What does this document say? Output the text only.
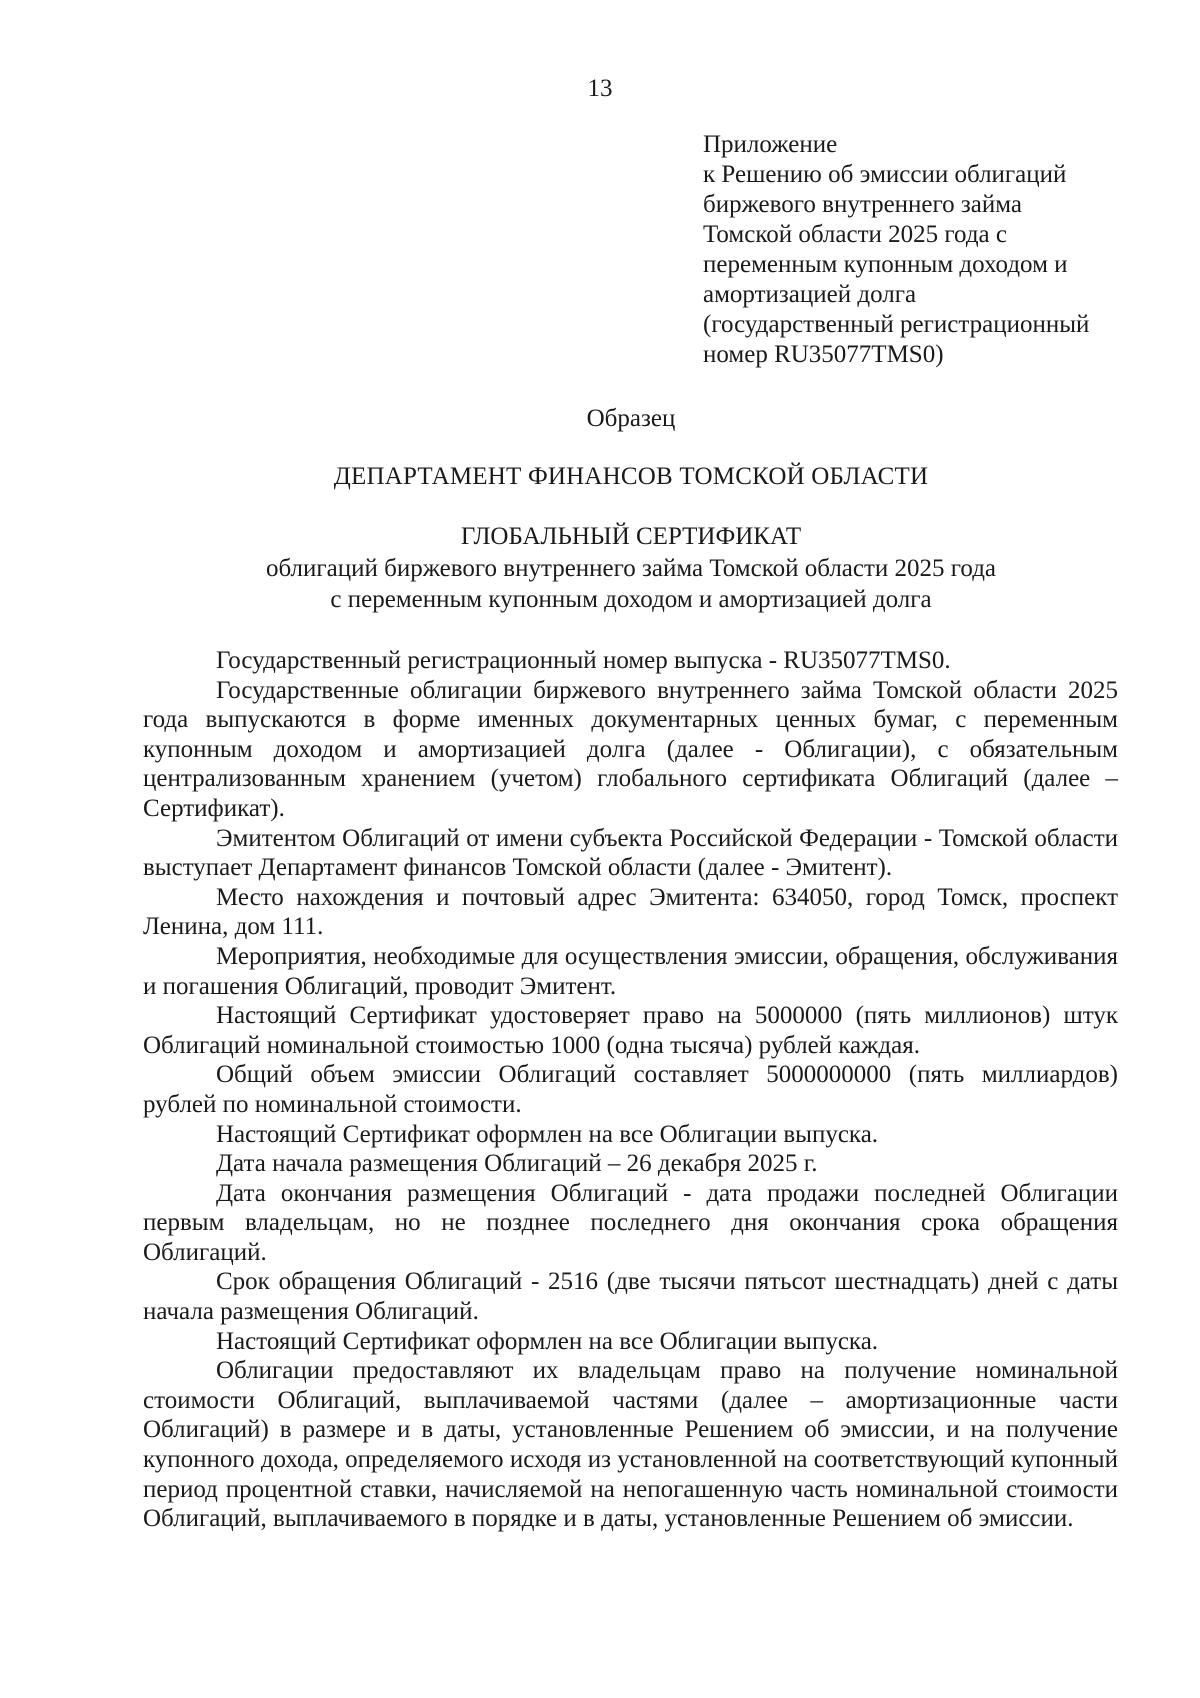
13
Приложение
к Решению об эмиссии облигаций
биржевого внутреннего займа
Томской области 2025 года с
переменным купонным доходом и
амортизацией долга
(государственный регистрационный
номер RU35077TMS0)
Образец
ДЕПАРТАМЕНТ ФИНАНСОВ ТОМСКОЙ ОБЛАСТИ
ГЛОБАЛЬНЫЙ СЕРТИФИКАТ
облигаций биржевого внутреннего займа Томской области 2025 года
с переменным купонным доходом и амортизацией долга

Государственный регистрационный номер выпуска - RU35077TMS0.

Государственные облигации биржевого внутреннего займа Томской области 2025 года выпускаются в форме именных документарных ценных бумаг, с переменным купонным доходом и амортизацией долга (далее - Облигации), с обязательным централизованным хранением (учетом) глобального сертификата Облигаций (далее – Сертификат).

Эмитентом Облигаций от имени субъекта Российской Федерации - Томской области выступает Департамент финансов Томской области (далее - Эмитент).

Место нахождения и почтовый адрес Эмитента: 634050, город Томск, проспект Ленина, дом 111.

Мероприятия, необходимые для осуществления эмиссии, обращения, обслуживания и погашения Облигаций, проводит Эмитент.

Настоящий Сертификат удостоверяет право на 5000000 (пять миллионов) штук Облигаций номинальной стоимостью 1000 (одна тысяча) рублей каждая.

Общий объем эмиссии Облигаций составляет 5000000000 (пять миллиардов) рублей по номинальной стоимости.

Настоящий Сертификат оформлен на все Облигации выпуска.

Дата начала размещения Облигаций – 26 декабря 2025 г.

Дата окончания размещения Облигаций - дата продажи последней Облигации первым владельцам, но не позднее последнего дня окончания срока обращения Облигаций.

Срок обращения Облигаций - 2516 (две тысячи пятьсот шестнадцать) дней с даты начала размещения Облигаций.

Настоящий Сертификат оформлен на все Облигации выпуска.

Облигации предоставляют их владельцам право на получение номинальной стоимости Облигаций, выплачиваемой частями (далее – амортизационные части Облигаций) в размере и в даты, установленные Решением об эмиссии, и на получение купонного дохода, определяемого исходя из установленной на соответствующий купонный период процентной ставки, начисляемой на непогашенную часть номинальной стоимости Облигаций, выплачиваемого в порядке и в даты, установленные Решением об эмиссии.
